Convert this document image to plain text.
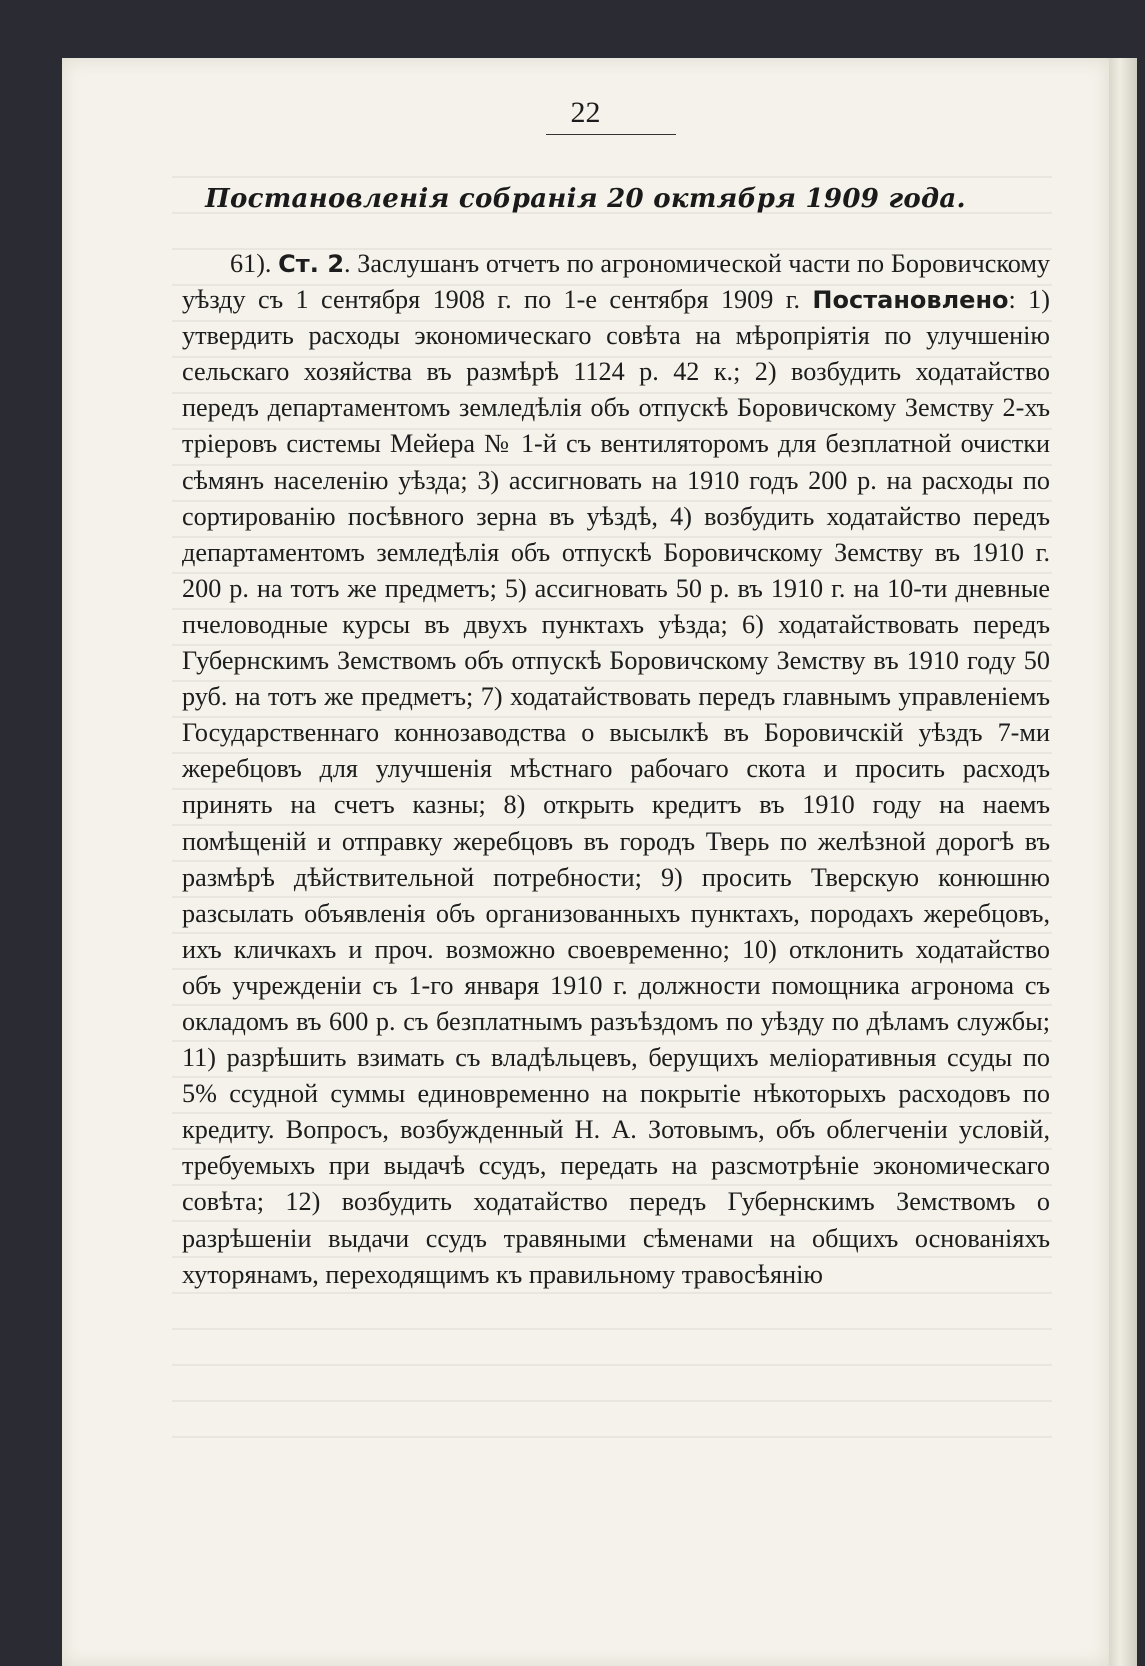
22
Постановленія собранія 20 октября 1909 года.

61). Ст. 2. Заслушанъ отчетъ по агрономической части по Боровичскому уѣзду съ 1 сентября 1908 г. по 1-е сентября 1909 г. Постановлено: 1) утвердить расходы экономическаго совѣта на мѣропріятія по улучшенію сельскаго хозяйства въ размѣрѣ 1124 р. 42 к.; 2) возбудить ходатайство передъ департаментомъ земледѣлія объ отпускѣ Боровичскому Земству 2-хъ тріеровъ системы Мейера № 1-й съ вентиляторомъ для безплатной очистки сѣмянъ населенію уѣзда; 3) ассигновать на 1910 годъ 200 р. на расходы по сортированію посѣвного зерна въ уѣздѣ, 4) возбудить ходатайство передъ департаментомъ земледѣлія объ отпускѣ Боровичскому Земству въ 1910 г. 200 р. на тотъ же предметъ; 5) ассигновать 50 р. въ 1910 г. на 10-ти дневные пчеловодные курсы въ двухъ пунктахъ уѣзда; 6) ходатайствовать передъ Губернскимъ Земствомъ объ отпускѣ Боровичскому Земству въ 1910 году 50 руб. на тотъ же предметъ; 7) ходатайствовать передъ главнымъ управленіемъ Государственнаго коннозаводства о высылкѣ въ Боровичскій уѣздъ 7-ми жеребцовъ для улучшенія мѣстнаго рабочаго скота и просить расходъ принять на счетъ казны; 8) открыть кредитъ въ 1910 году на наемъ помѣщеній и отправку жеребцовъ въ городъ Тверь по желѣзной дорогѣ въ размѣрѣ дѣйствительной потребности; 9) просить Тверскую конюшню разсылать объявленія объ организованныхъ пунктахъ, породахъ жеребцовъ, ихъ кличкахъ и проч. возможно своевременно; 10) отклонить ходатайство объ учрежденіи съ 1-го января 1910 г. должности помощника агронома съ окладомъ въ 600 р. съ безплатнымъ разъѣздомъ по уѣзду по дѣламъ службы; 11) разрѣшить взимать съ владѣльцевъ, берущихъ меліоративныя ссуды по 5% ссудной суммы единовременно на покрытіе нѣкоторыхъ расходовъ по кредиту. Вопросъ, возбужденный Н. А. Зотовымъ, объ облегченіи условій, требуемыхъ при выдачѣ ссудъ, передать на разсмотрѣніе экономическаго совѣта; 12) возбудить ходатайство передъ Губернскимъ Земствомъ о разрѣшеніи выдачи ссудъ травяными сѣменами на общихъ основаніяхъ хуторянамъ, переходящимъ къ правильному травосѣянію
